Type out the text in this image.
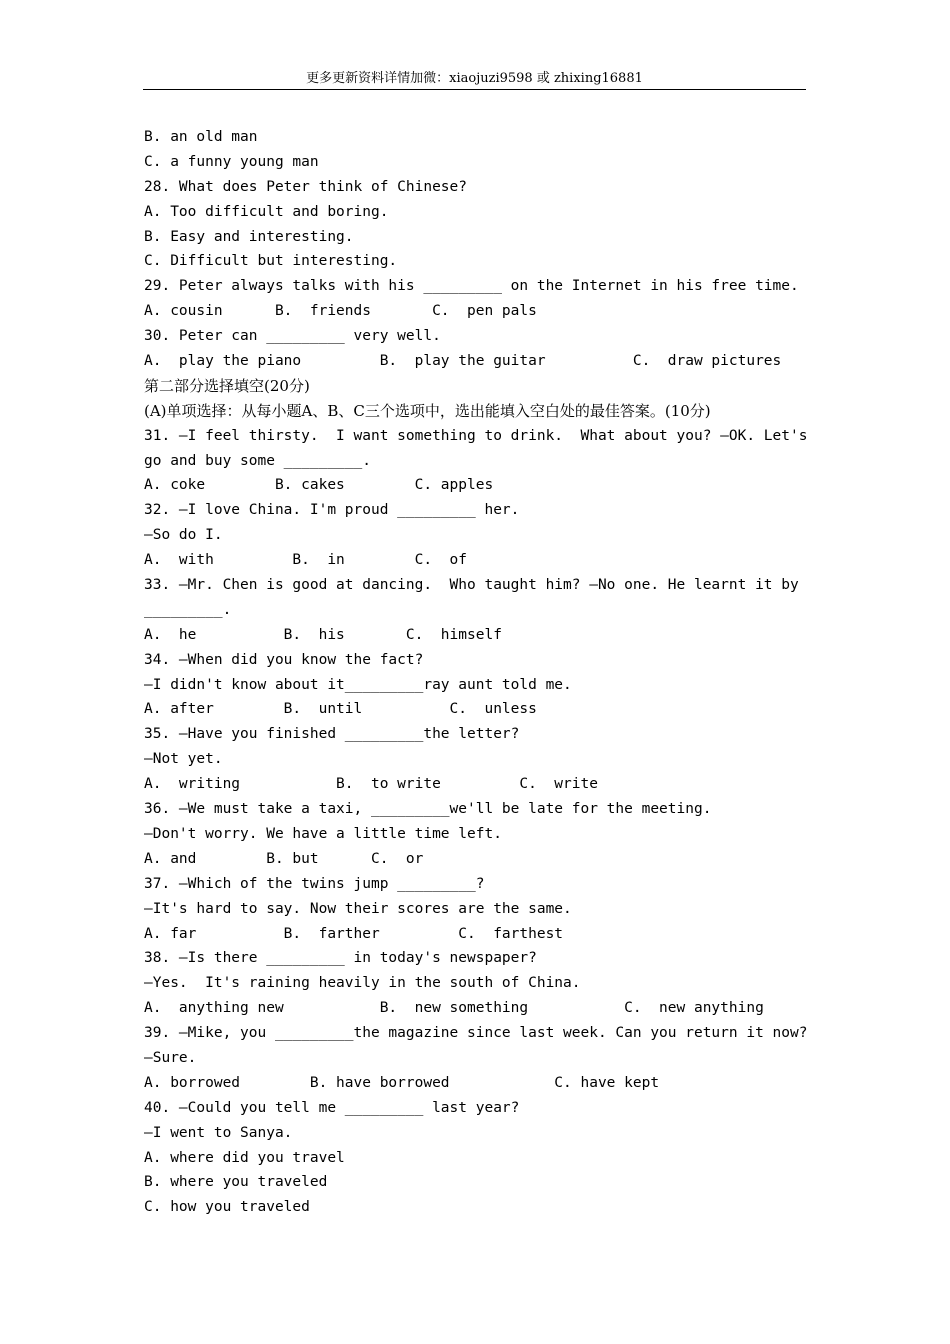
更多更新资料详情加微：xiaojuzi9598 或 zhixing16881
B. an old man
C. a funny young man
28. What does Peter think of Chinese?
A. Too difficult and boring.
B. Easy and interesting.
C. Difficult but interesting.
29. Peter always talks with his _________ on the Internet in his free time.
A. cousin      B.  friends       C.  pen pals
30. Peter can _________ very well.
A.  play the piano         B.  play the guitar          C.  draw pictures
第二部分选择填空(20分)
(A)单项选择：从每小题A、B、C三个选项中，选出能填入空白处的最佳答案。(10分)
31. —I feel thirsty.  I want something to drink.  What about you? —OK. Let's
go and buy some _________.
A. coke        B. cakes        C. apples
32. —I love China. I'm proud _________ her.
—So do I.
A.  with         B.  in        C.  of
33. —Mr. Chen is good at dancing.  Who taught him? —No one. He learnt it by
_________.
A.  he          B.  his       C.  himself
34. —When did you know the fact?
—I didn't know about it_________ray aunt told me.
A. after        B.  until          C.  unless
35. —Have you finished _________the letter?
—Not yet.
A.  writing           B.  to write         C.  write
36. —We must take a taxi, _________we'll be late for the meeting.
—Don't worry. We have a little time left.
A. and        B. but      C.  or
37. —Which of the twins jump _________?
—It's hard to say. Now their scores are the same.
A. far          B.  farther         C.  farthest
38. —Is there _________ in today's newspaper?
—Yes.  It's raining heavily in the south of China.
A.  anything new           B.  new something           C.  new anything
39. —Mike, you _________the magazine since last week. Can you return it now?
—Sure.
A. borrowed        B. have borrowed            C. have kept
40. —Could you tell me _________ last year?
—I went to Sanya.
A. where did you travel
B. where you traveled
C. how you traveled
